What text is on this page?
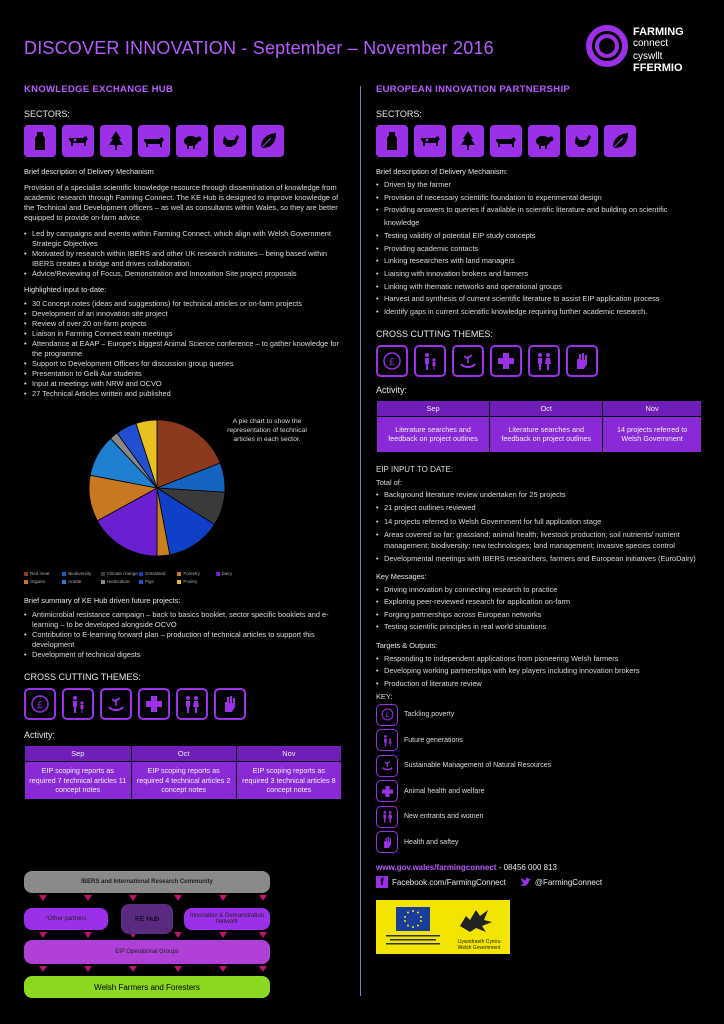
DISCOVER INNOVATION - September – November 2016
FARMING
connect
cyswllt
FFERMIO
KNOWLEDGE EXCHANGE HUB
SECTORS:
Brief description of Delivery Mechanism
Provision of a specialist scientific knowledge resource through dissemination of knowledge from academic research through Farming Connect. The KE Hub is designed to improve knowledge of the Technical and Development officers – as well as consultants within Wales, so they are better equipped to provide on-farm advice.
• Led by campaigns and events within Farming Connect, which align with Welsh Government Strategic Objectives
• Motivated by research within IBERS and other UK research institutes – being based within IBERS creates a bridge and drives collaboration.
• Advice/Reviewing of Focus, Demonstration and Innovation Site project proposals
Highlighted input to-date:
• 30 Concept notes (ideas and suggestions) for technical articles or on-farm projects
• Development of an innovation site project
• Review of over 20 on-farm projects
• Liaison in Farming Connect team meetings
• Attendance at EAAP – Europe's biggest Animal Science conference – to gather knowledge for the programme
• Support to Development Officers for discussion group queries
• Presentation to Gelli Aur students
• Input at meetings with NRW and OCVO
• 27 Technical Articles written and published
A pie chart to show the representation of technical articles in each sector.
Red meat	Biodiversity	Climate change Grassland	Forestry	Dairy
Organic	Arable	Horticulture	Pigs	Poultry
Brief summary of KE Hub driven future projects:
• Antimicrobial resistance campaign – back to basics booklet, sector specific booklets and e-learning – to be developed alongside OCVO
• Contribution to E-learning forward plan – production of technical articles to support this development
• Development of technical digests
CROSS CUTTING THEMES:
£
Activity:
Sep	Oct	Nov
EIP scoping reports as required 7 technical articles 11 concept notes	EIP scoping reports as required 4 technical articles 2 concept notes	EIP scoping reports as required 3 technical articles 8 concept notes
IBERS and International Research Community
*Other partners	KE Hub	Innovation & Demonstration Network
EIP Operational Groups
Welsh Farmers and Foresters
EUROPEAN INNOVATION PARTNERSHIP
SECTORS:
Brief description of Delivery Mechanism:
• Driven by the farmer
• Provision of necessary scientific foundation to experimental design
• Providing answers to queries if available in scientific literature and building on scientific knowledge
• Testing validity of potential EIP study concepts
• Providing academic contacts
• Linking researchers with land managers
• Liaising with innovation brokers and farmers
• Linking with thematic networks and operational groups
• Harvest and synthesis of current scientific literature to assist EIP application process
• Identify gaps in current scientific knowledge requiring further academic research.
CROSS CUTTING THEMES:
£
Activity:
Sep	Oct	Nov
Literature searches and feedback on project outlines	Literature searches and feedback on project outlines	14 projects referred to Welsh Government
EIP INPUT TO DATE:
Total of:
• Background literature review undertaken for 25 projects
• 21 project outlines reviewed
• 14 projects referred to Welsh Government for full application stage
• Areas covered so far: grassland; animal health; livestock production; soil nutrients/ nutrient management; biodiversity; new technologies; land management; invasive species control
• Developmental meetings with IBERS researchers, farmers and European initiatives (EuroDairy)
Key Messages:
• Driving innovation by connecting research to practice
• Exploring peer-reviewed research for application on-farm
• Forging partnerships across European networks
• Testing scientific principles in real world situations
Targets & Outputs:
• Responding to independent applications from pioneering Welsh farmers
• Developing working partnerships with key players including innovation brokers
• Production of literature review
KEY:
£ Tackling poverty
Future generations
Sustainable Management of Natural Resources
Animal health and welfare
New entrants and women
Health and saftey
www.gov.wales/farmingconnect - 08456 000 813
f	Facebook.com/FarmingConnect	@FarmingConnect
Llywodraeth Cymru
Welsh Government
